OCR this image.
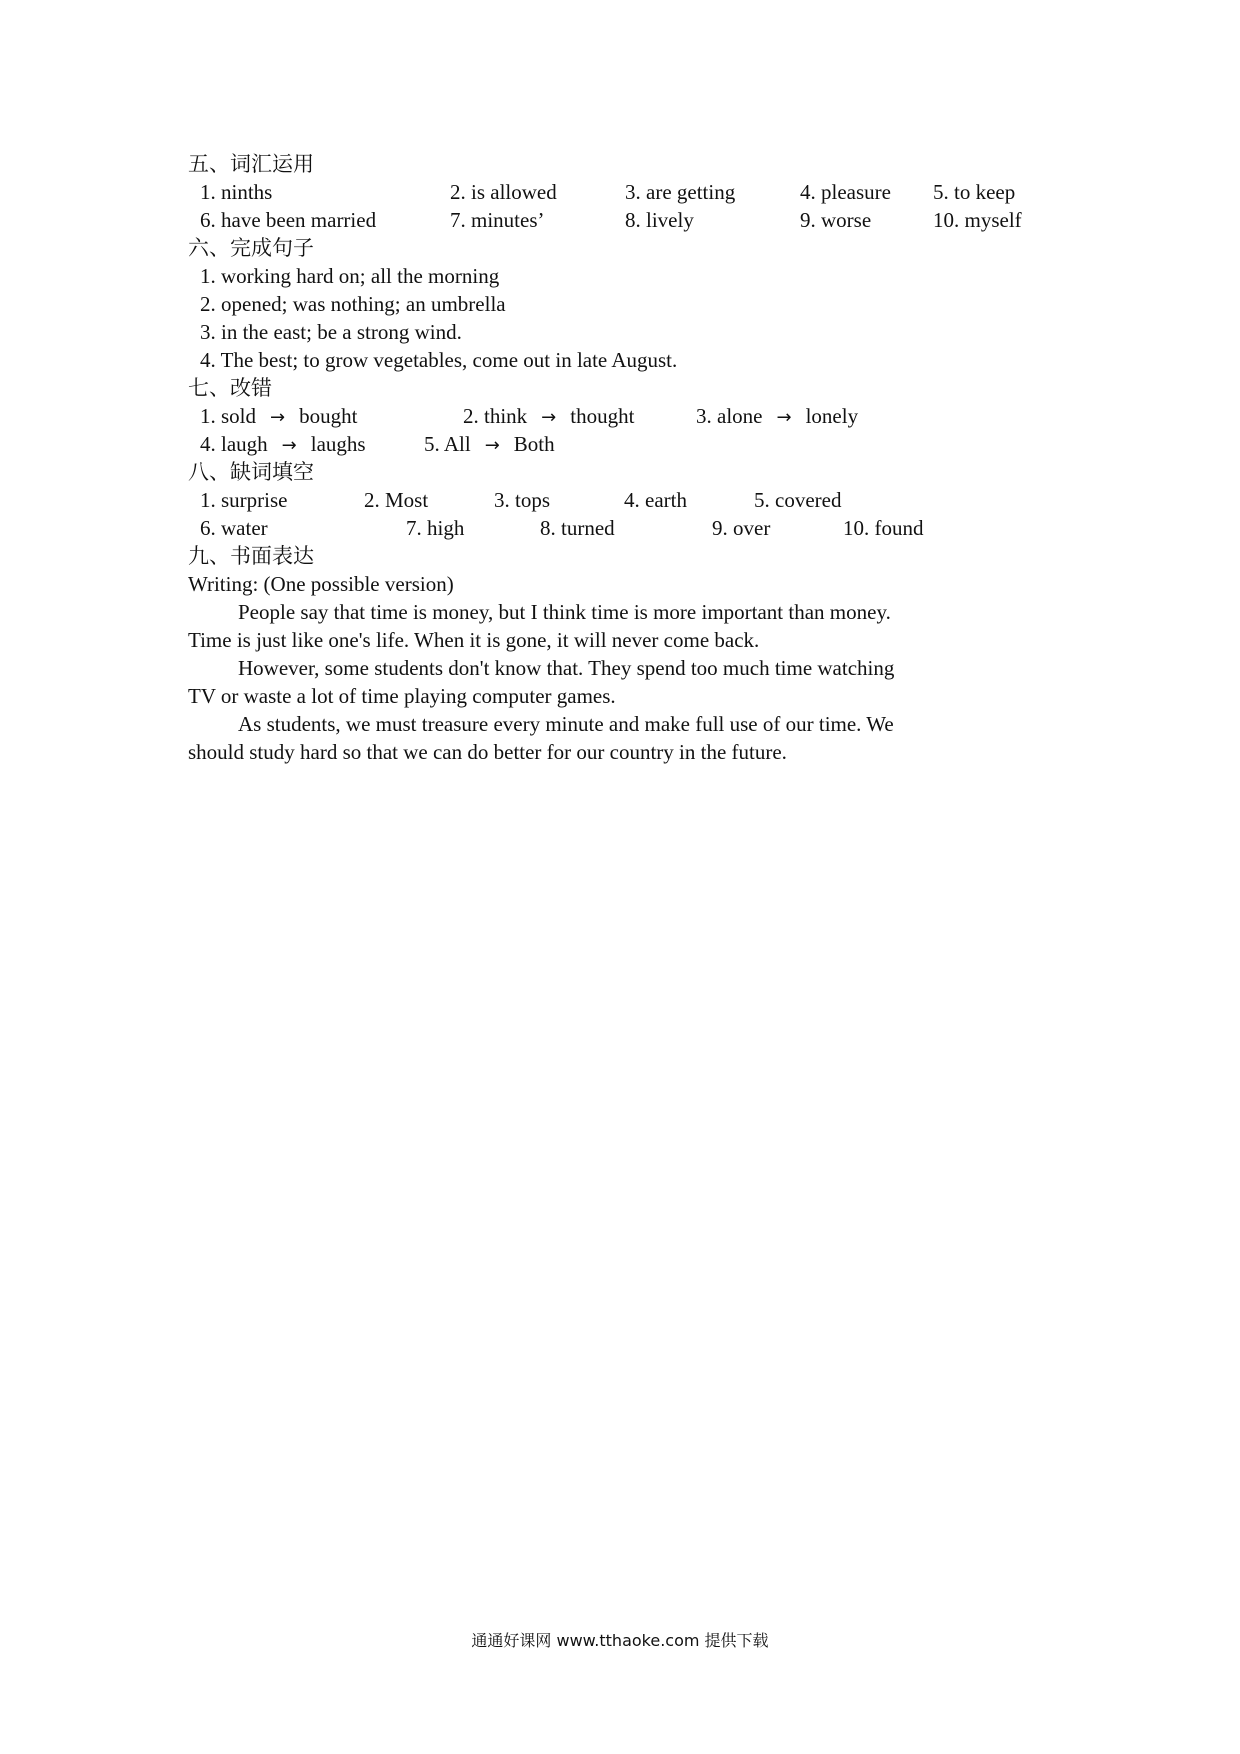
五、词汇运用
1. ninths	2. is allowed	3. are getting	4. pleasure 5. to keep
6. have been married	7. minutes’	8. lively	9. worse	10. myself
六、完成句子
1. working hard on; all the morning
2. opened; was nothing; an umbrella
3. in the east; be a strong wind.
4. The best; to grow vegetables, come out in late August.
七、改错
1. sold → bought	2. think → thought	3. alone → lonely
4. laugh → laughs	5. All → Both
八、缺词填空
1. surprise	2. Most	3. tops	4. earth	5. covered
6. water	7. high	8. turned	9. over	10. found
九、书面表达
Writing: (One possible version)
People say that time is money, but I think time is more important than money.
Time is just like one's life. When it is gone, it will never come back.
However, some students don't know that. They spend too much time watching
TV or waste a lot of time playing computer games.
As students, we must treasure every minute and make full use of our time. We
should study hard so that we can do better for our country in the future.
通通好课网 www.tthaoke.com 提供下载
